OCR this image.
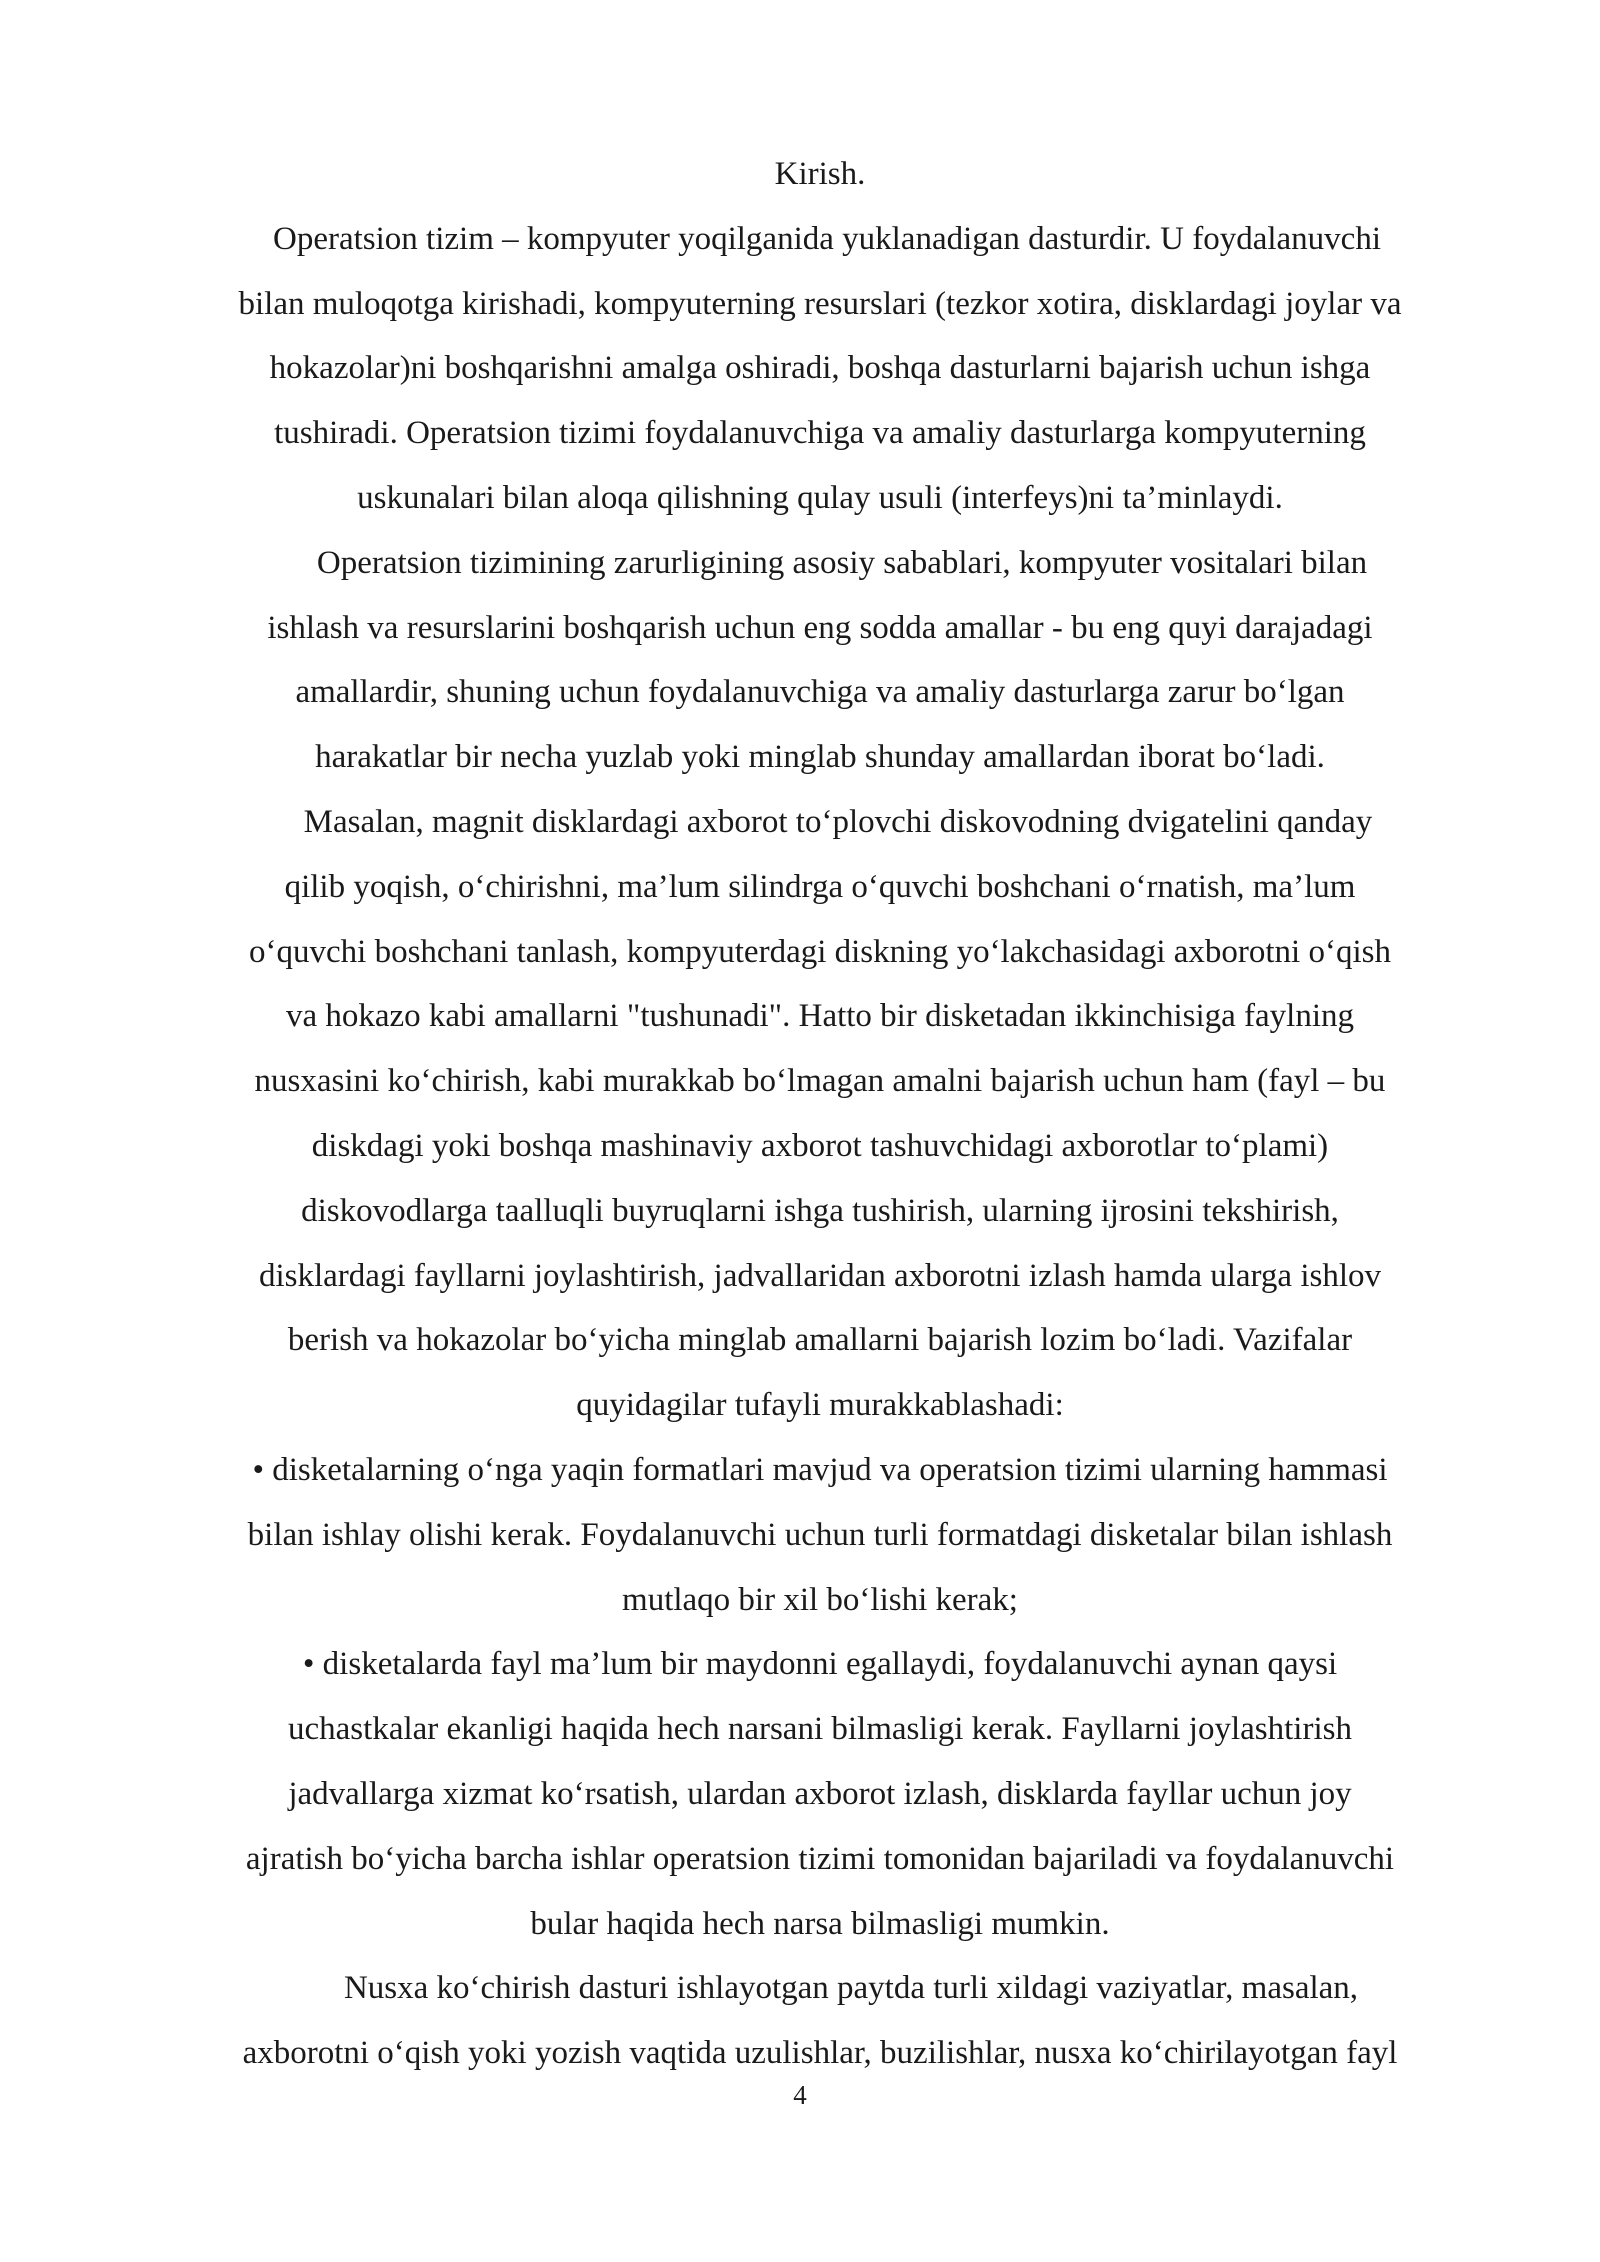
Kirish.
Operatsion tizim – kompyuter yoqilganida yuklanadigan dasturdir. U foydalanuvchi
bilan muloqotga kirishadi, kompyuterning resurslari (tezkor xotira, disklardagi joylar va
hokazolar)ni boshqarishni amalga oshiradi, boshqa dasturlarni bajarish uchun ishga
tushiradi. Operatsion tizimi foydalanuvchiga va amaliy dasturlarga kompyuterning
uskunalari bilan aloqa qilishning qulay usuli (interfeys)ni ta’minlaydi.
Operatsion tizimining zarurligining asosiy sabablari, kompyuter vositalari bilan
ishlash va resurslarini boshqarish uchun eng sodda amallar - bu eng quyi darajadagi
amallardir, shuning uchun foydalanuvchiga va amaliy dasturlarga zarur bo‘lgan
harakatlar bir necha yuzlab yoki minglab shunday amallardan iborat bo‘ladi.
Masalan, magnit disklardagi axborot to‘plovchi diskovodning dvigatelini qanday
qilib yoqish, o‘chirishni, ma’lum silindrga o‘quvchi boshchani o‘rnatish, ma’lum
o‘quvchi boshchani tanlash, kompyuterdagi diskning yo‘lakchasidagi axborotni o‘qish
va hokazo kabi amallarni "tushunadi". Hatto bir disketadan ikkinchisiga faylning
nusxasini ko‘chirish, kabi murakkab bo‘lmagan amalni bajarish uchun ham (fayl – bu
diskdagi yoki boshqa mashinaviy axborot tashuvchidagi axborotlar to‘plami)
diskovodlarga taalluqli buyruqlarni ishga tushirish, ularning ijrosini tekshirish,
disklardagi fayllarni joylashtirish, jadvallaridan axborotni izlash hamda ularga ishlov
berish va hokazolar bo‘yicha minglab amallarni bajarish lozim bo‘ladi. Vazifalar
quyidagilar tufayli murakkablashadi:
• disketalarning o‘nga yaqin formatlari mavjud va operatsion tizimi ularning hammasi
bilan ishlay olishi kerak. Foydalanuvchi uchun turli formatdagi disketalar bilan ishlash
mutlaqo bir xil bo‘lishi kerak;
• disketalarda fayl ma’lum bir maydonni egallaydi, foydalanuvchi aynan qaysi
uchastkalar ekanligi haqida hech narsani bilmasligi kerak. Fayllarni joylashtirish
jadvallarga xizmat ko‘rsatish, ulardan axborot izlash, disklarda fayllar uchun joy
ajratish bo‘yicha barcha ishlar operatsion tizimi tomonidan bajariladi va foydalanuvchi
bular haqida hech narsa bilmasligi mumkin.
Nusxa ko‘chirish dasturi ishlayotgan paytda turli xildagi vaziyatlar, masalan,
axborotni o‘qish yoki yozish vaqtida uzulishlar, buzilishlar, nusxa ko‘chirilayotgan fayl
4
